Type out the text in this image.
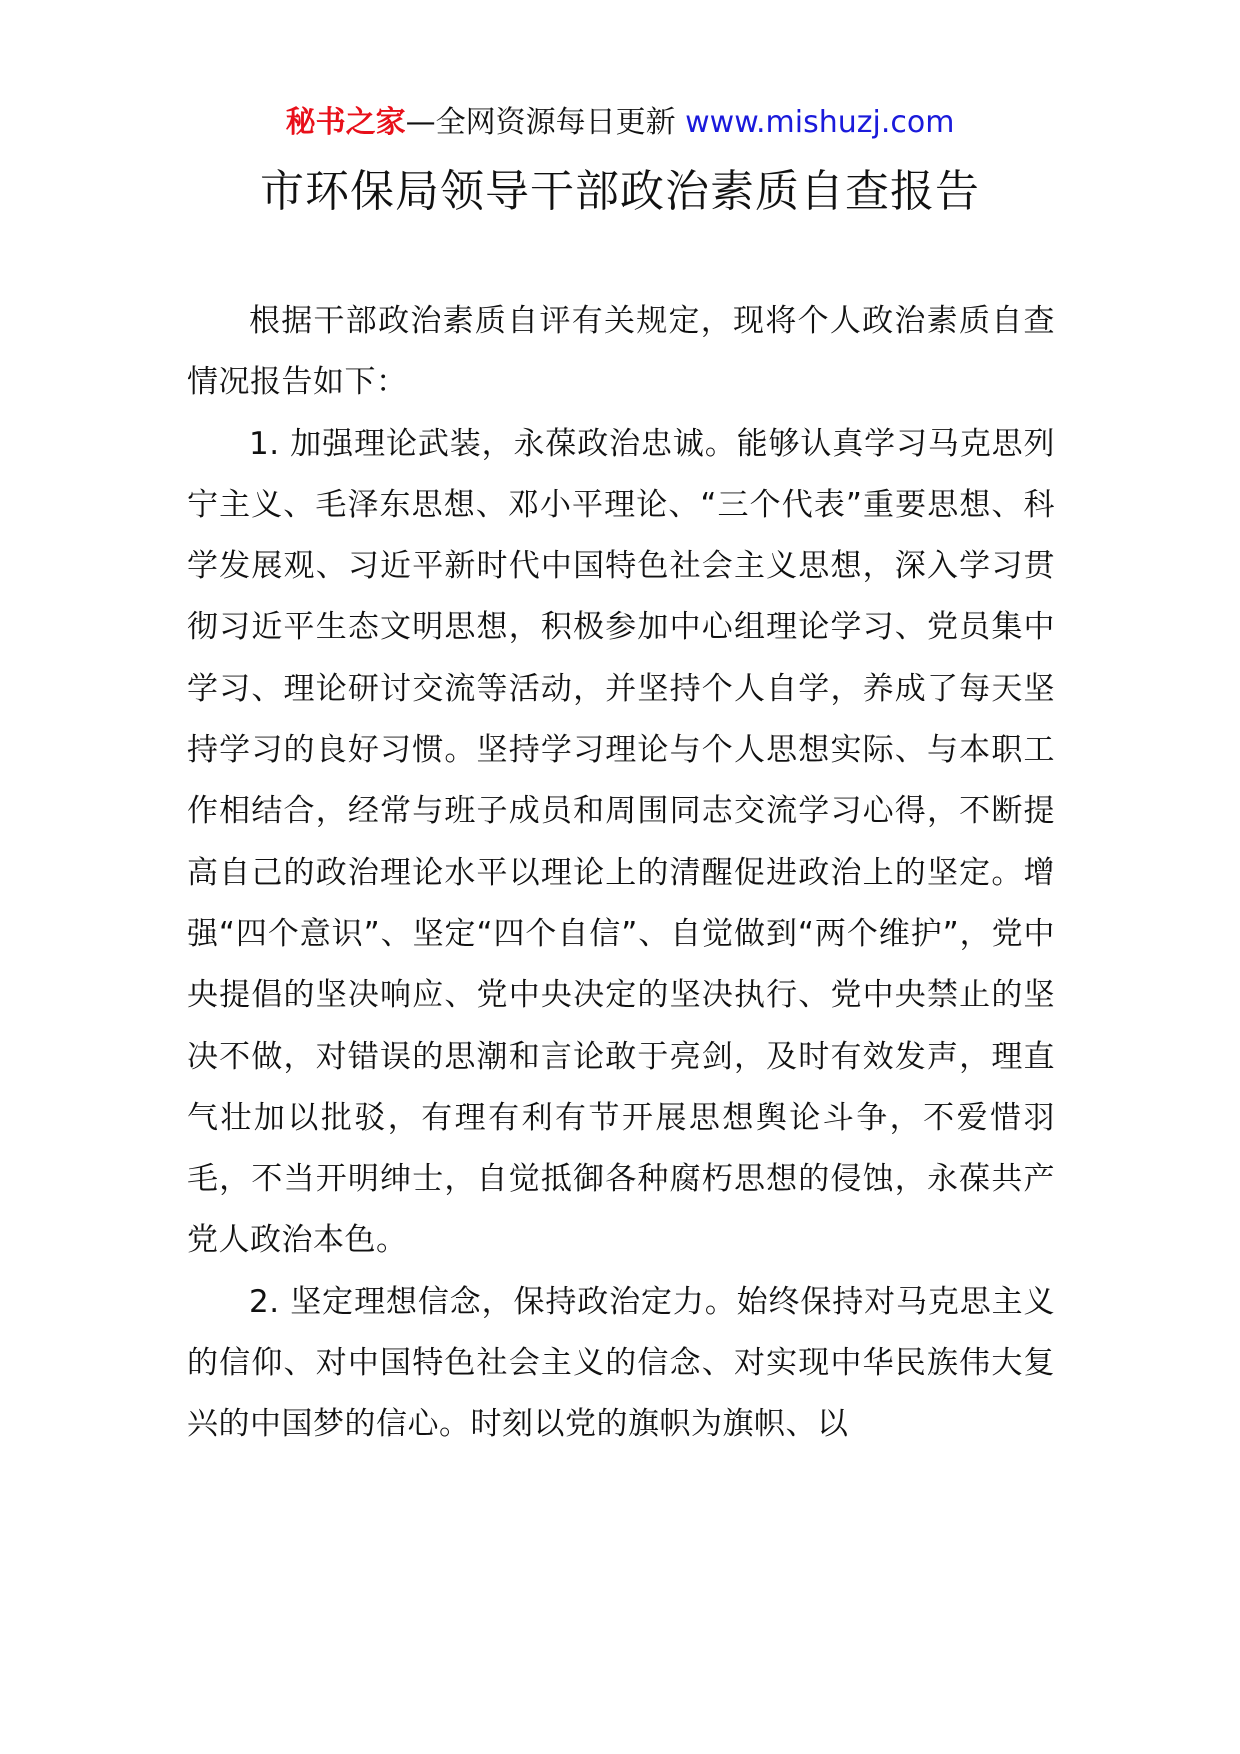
秘书之家—全网资源每日更新 www.mishuzj.com
市环保局领导干部政治素质自查报告

根据干部政治素质自评有关规定，现将个人政治素质自查情况报告如下：

1. 加强理论武装，永葆政治忠诚。能够认真学习马克思列宁主义、毛泽东思想、邓小平理论、“三个代表”重要思想、科学发展观、习近平新时代中国特色社会主义思想，深入学习贯彻习近平生态文明思想，积极参加中心组理论学习、党员集中学习、理论研讨交流等活动，并坚持个人自学，养成了每天坚持学习的良好习惯。坚持学习理论与个人思想实际、与本职工作相结合，经常与班子成员和周围同志交流学习心得，不断提高自己的政治理论水平以理论上的清醒促进政治上的坚定。增强“四个意识”、坚定“四个自信”、自觉做到“两个维护”，党中央提倡的坚决响应、党中央决定的坚决执行、党中央禁止的坚决不做，对错误的思潮和言论敢于亮剑，及时有效发声，理直气壮加以批驳，有理有利有节开展思想舆论斗争，不爱惜羽毛，不当开明绅士，自觉抵御各种腐朽思想的侵蚀，永葆共产党人政治本色。

2. 坚定理想信念，保持政治定力。始终保持对马克思主义的信仰、对中国特色社会主义的信念、对实现中华民族伟大复兴的中国梦的信心。时刻以党的旗帜为旗帜、以
